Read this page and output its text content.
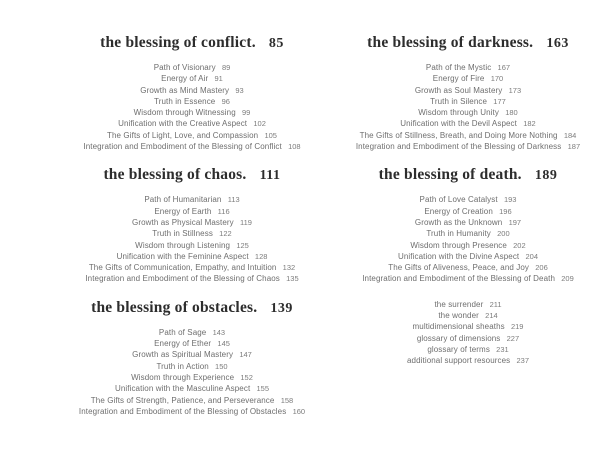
the blessing of conflict. 85
Path of Visionary 89
Energy of Air 91
Growth as Mind Mastery 93
Truth in Essence 96
Wisdom through Witnessing 99
Unification with the Creative Aspect 102
The Gifts of Light, Love, and Compassion 105
Integration and Embodiment of the Blessing of Conflict 108
the blessing of chaos. 111
Path of Humanitarian 113
Energy of Earth 116
Growth as Physical Mastery 119
Truth in Stillness 122
Wisdom through Listening 125
Unification with the Feminine Aspect 128
The Gifts of Communication, Empathy, and Intuition 132
Integration and Embodiment of the Blessing of Chaos 135
the blessing of obstacles. 139
Path of Sage 143
Energy of Ether 145
Growth as Spiritual Mastery 147
Truth in Action 150
Wisdom through Experience 152
Unification with the Masculine Aspect 155
The Gifts of Strength, Patience, and Perseverance 158
Integration and Embodiment of the Blessing of Obstacles 160
the blessing of darkness. 163
Path of the Mystic 167
Energy of Fire 170
Growth as Soul Mastery 173
Truth in Silence 177
Wisdom through Unity 180
Unification with the Devil Aspect 182
The Gifts of Stillness, Breath, and Doing More Nothing 184
Integration and Embodiment of the Blessing of Darkness 187
the blessing of death. 189
Path of Love Catalyst 193
Energy of Creation 196
Growth as the Unknown 197
Truth in Humanity 200
Wisdom through Presence 202
Unification with the Divine Aspect 204
The Gifts of Aliveness, Peace, and Joy 206
Integration and Embodiment of the Blessing of Death 209
the surrender 211
the wonder 214
multidimensional sheaths 219
glossary of dimensions 227
glossary of terms 231
additional support resources 237
